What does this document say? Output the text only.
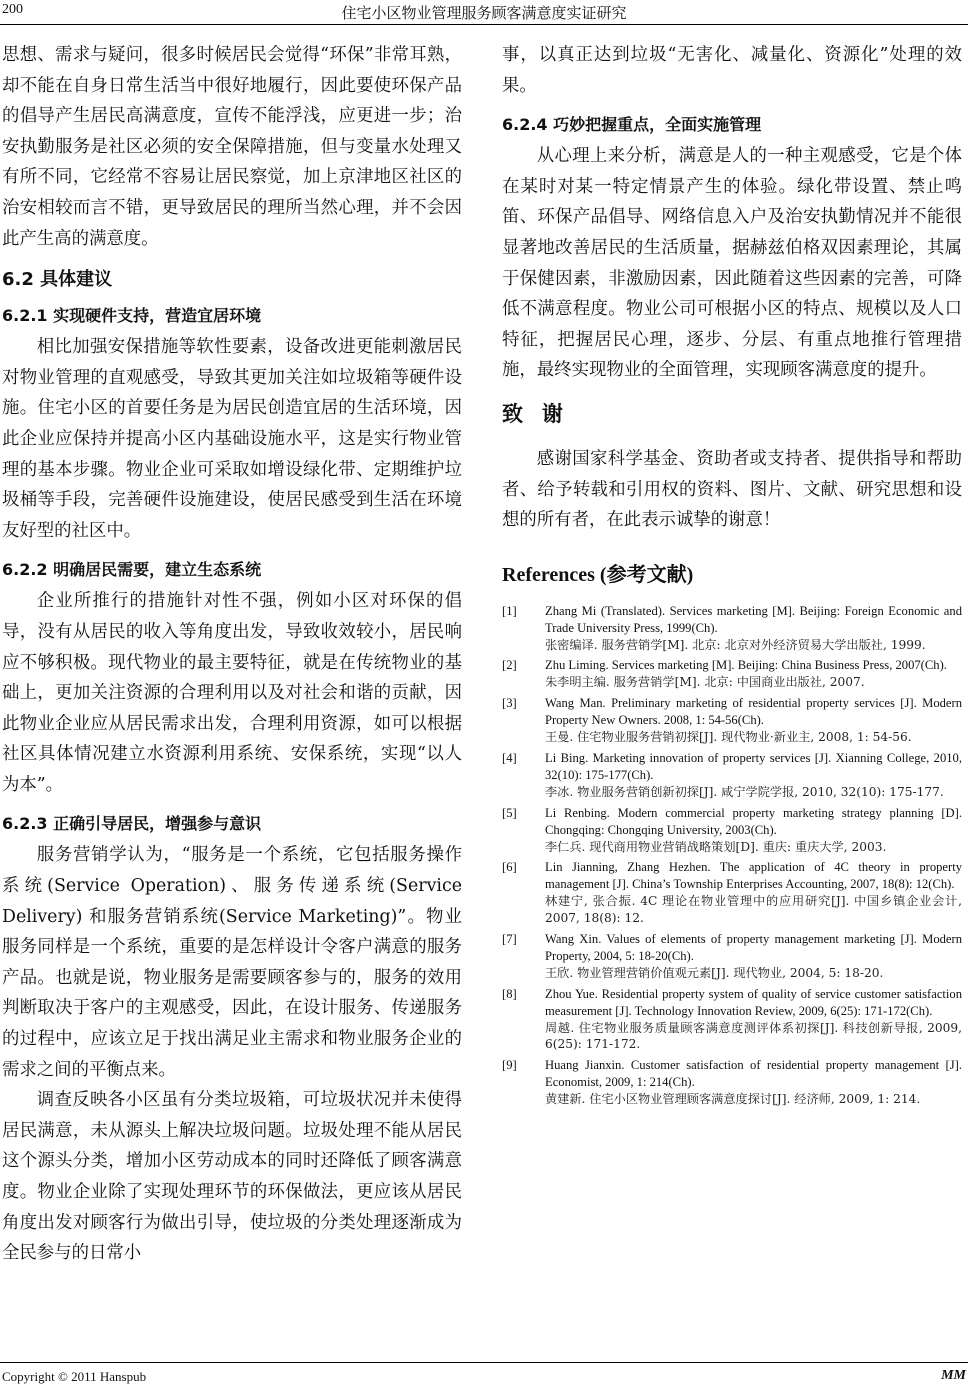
200	住宅小区物业管理服务顾客满意度实证研究

思想、需求与疑问，很多时候居民会觉得“环保”非常耳熟，却不能在自身日常生活当中很好地履行，因此要使环保产品的倡导产生居民高满意度，宣传不能浮浅，应更进一步；治安执勤服务是社区必须的安全保障措施，但与变量水处理又有所不同，它经常不容易让居民察觉，加上京津地区社区的治安相较而言不错，更导致居民的理所当然心理，并不会因此产生高的满意度。

6.2 具体建议
6.2.1 实现硬件支持，营造宜居环境

相比加强安保措施等软性要素，设备改进更能刺激居民对物业管理的直观感受，导致其更加关注如垃圾箱等硬件设施。住宅小区的首要任务是为居民创造宜居的生活环境，因此企业应保持并提高小区内基础设施水平，这是实行物业管理的基本步骤。物业企业可采取如增设绿化带、定期维护垃圾桶等手段，完善硬件设施建设，使居民感受到生活在环境友好型的社区中。

6.2.2 明确居民需要，建立生态系统

企业所推行的措施针对性不强，例如小区对环保的倡导，没有从居民的收入等角度出发，导致收效较小，居民响应不够积极。现代物业的最主要特征，就是在传统物业的基础上，更加关注资源的合理利用以及对社会和谐的贡献，因此物业企业应从居民需求出发，合理利用资源，如可以根据社区具体情况建立水资源利用系统、安保系统，实现“以人为本”。

6.2.3 正确引导居民，增强参与意识

服务营销学认为，“服务是一个系统，它包括服务操作系统(Service Operation)、服务传递系统(Service Delivery) 和服务营销系统(Service Marketing)”。物业服务同样是一个系统，重要的是怎样设计令客户满意的服务产品。也就是说，物业服务是需要顾客参与的，服务的效用判断取决于客户的主观感受，因此，在设计服务、传递服务的过程中，应该立足于找出满足业主需求和物业服务企业的需求之间的平衡点来。

调查反映各小区虽有分类垃圾箱，可垃圾状况并未使得居民满意，未从源头上解决垃圾问题。垃圾处理不能从居民这个源头分类，增加小区劳动成本的同时还降低了顾客满意度。物业企业除了实现处理环节的环保做法，更应该从居民角度出发对顾客行为做出引导，使垃圾的分类处理逐渐成为全民参与的日常小

事，以真正达到垃圾“无害化、减量化、资源化”处理的效果。

6.2.4 巧妙把握重点，全面实施管理

从心理上来分析，满意是人的一种主观感受，它是个体在某时对某一特定情景产生的体验。绿化带设置、禁止鸣笛、环保产品倡导、网络信息入户及治安执勤情况并不能很显著地改善居民的生活质量，据赫兹伯格双因素理论，其属于保健因素，非激励因素，因此随着这些因素的完善，可降低不满意程度。物业公司可根据小区的特点、规模以及人口特征，把握居民心理，逐步、分层、有重点地推行管理措施，最终实现物业的全面管理，实现顾客满意度的提升。

致谢

感谢国家科学基金、资助者或支持者、提供指导和帮助者、给予转载和引用权的资料、图片、文献、研究思想和设想的所有者，在此表示诚挚的谢意！

References (参考文献)
[1] Zhang Mi (Translated). Services marketing [M]. Beijing: Foreign Economic and Trade University Press, 1999(Ch).
张密编译. 服务营销学[M]. 北京: 北京对外经济贸易大学出版社, 1999.
[2] Zhu Liming. Services marketing [M]. Beijing: China Business Press, 2007(Ch).
朱李明主编. 服务营销学[M]. 北京: 中国商业出版社, 2007.
[3] Wang Man. Preliminary marketing of residential property services [J]. Modern Property New Owners. 2008, 1: 54-56(Ch).
王曼. 住宅物业服务营销初探[J]. 现代物业·新业主, 2008, 1: 54-56.
[4] Li Bing. Marketing innovation of property services [J]. Xianning College, 2010, 32(10): 175-177(Ch).
李冰. 物业服务营销创新初探[J]. 咸宁学院学报, 2010, 32(10): 175-177.
[5] Li Renbing. Modern commercial property marketing strategy planning [D]. Chongqing: Chongqing University, 2003(Ch).
李仁兵. 现代商用物业营销战略策划[D]. 重庆: 重庆大学, 2003.
[6] Lin Jianning, Zhang Hezhen. The application of 4C theory in property management [J]. China’s Township Enterprises Accounting, 2007, 18(8): 12(Ch).
林建宁, 张合振. 4C 理论在物业管理中的应用研究[J]. 中国乡镇企业会计, 2007, 18(8): 12.
[7] Wang Xin. Values of elements of property management marketing [J]. Modern Property, 2004, 5: 18-20(Ch).
王欣. 物业管理营销价值观元素[J]. 现代物业, 2004, 5: 18-20.
[8] Zhou Yue. Residential property system of quality of service customer satisfaction measurement [J]. Technology Innovation Review, 2009, 6(25): 171-172(Ch).
周越. 住宅物业服务质量顾客满意度测评体系初探[J]. 科技创新导报, 2009, 6(25): 171-172.
[9] Huang Jianxin. Customer satisfaction of residential property management [J]. Economist, 2009, 1: 214(Ch).
黄建新. 住宅小区物业管理顾客满意度探讨[J]. 经济师, 2009, 1: 214.
Copyright © 2011 Hanspub	MM
